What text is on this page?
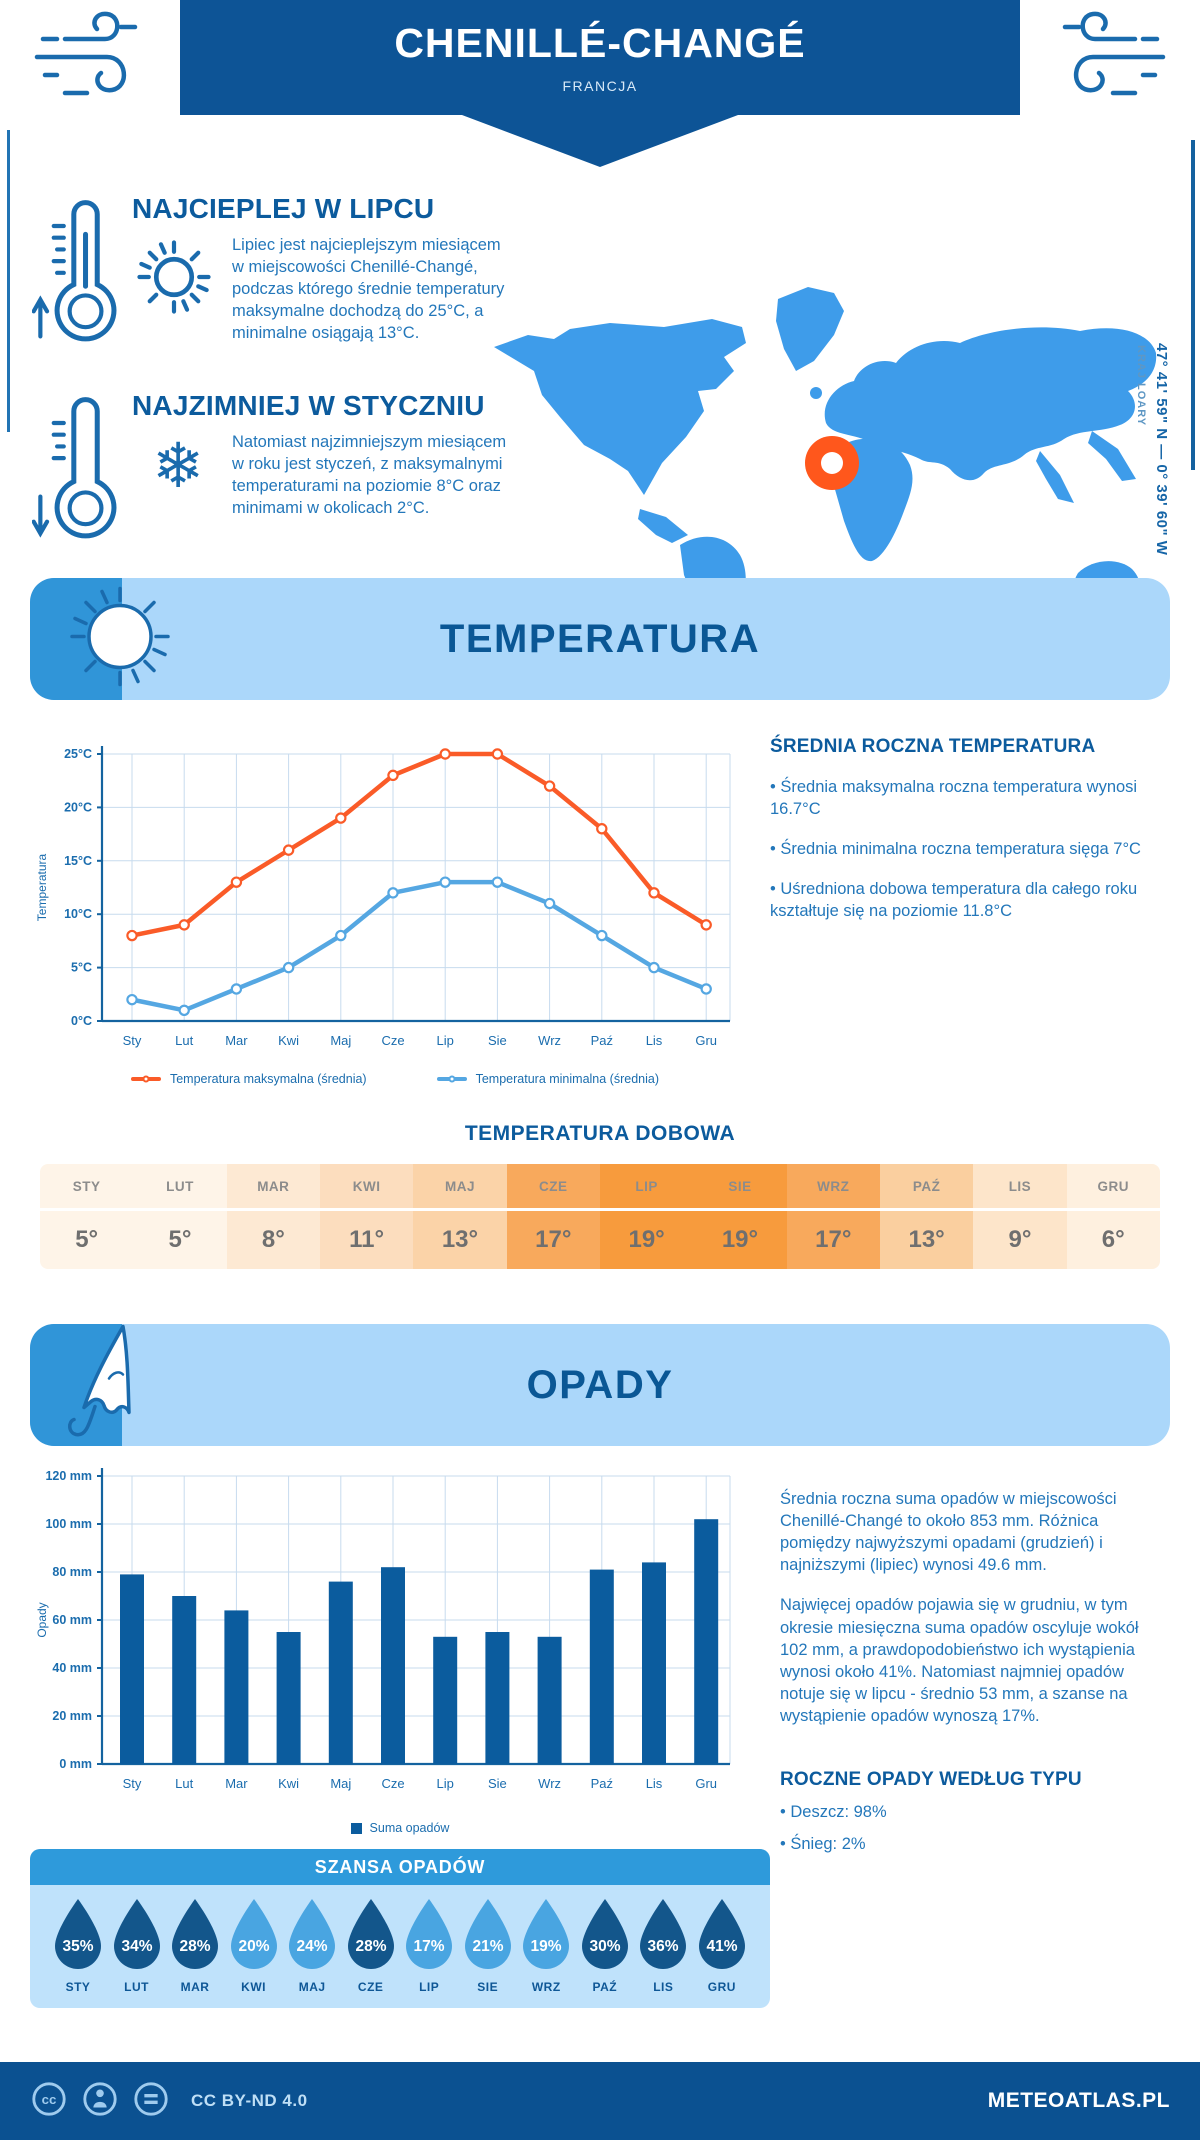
CHENILLÉ-CHANGÉ
FRANCJA
47° 41' 59" N — 0° 39' 60" W
KRAJ LOARY
NAJCIEPLEJ W LIPCU

Lipiec jest najcieplejszym miesiącem w miejscowości Chenillé-Changé, podczas którego średnie temperatury maksymalne dochodzą do 25°C, a minimalne osiągają 13°C.

NAJZIMNIEJ W STYCZNIU
❄	Natomiast najzimniejszym miesiącem w roku jest styczeń, z maksymalnymi temperaturami na poziomie 8°C oraz minimami w okolicach 2°C.

TEMPERATURA
0°C
5°C
10°C
15°C
20°C
25°C
Sty	Lut Mar Kwi Maj Cze Lip	Sie Wrz Paź	Lis	Gru
Temperatura
Temperatura maksymalna (średnia)	Temperatura minimalna (średnia)
ŚREDNIA ROCZNA TEMPERATURA

• Średnia maksymalna roczna temperatura wynosi 16.7°C

• Średnia minimalna roczna temperatura sięga 7°C

• Uśredniona dobowa temperatura dla całego roku kształtuje się na poziomie 11.8°C

TEMPERATURA DOBOWA
STY
5°
LUT
5°
MAR
8°
KWI
11°
MAJ
13°
CZE
17°
LIP
19°
SIE
19°
WRZ
17°
PAŹ
13°
LIS
9°
GRU
6°
OPADY
0 mm
20 mm
40 mm
60 mm
80 mm
100 mm
120 mm
Sty	Lut Mar Kwi Maj Cze Lip	Sie Wrz Paź	Lis	Gru
Opady
Suma opadów
SZANSA OPADÓW
35%
STY
34%
LUT
28%
MAR
20%
KWI
24%
MAJ
28%
CZE
17%
LIP
21%
SIE
19%
WRZ
30%
PAŹ
36%
LIS
41%
GRU

Średnia roczna suma opadów w miejscowości Chenillé-Changé to około 853 mm. Różnica pomiędzy najwyższymi opadami (grudzień) i najniższymi (lipiec) wynosi 49.6 mm.

Najwięcej opadów pojawia się w grudniu, w tym okresie miesięczna suma opadów oscyluje wokół 102 mm, a prawdopodobieństwo ich wystąpienia wynosi około 41%. Natomiast najmniej opadów notuje się w lipcu - średnio 53 mm, a szanse na wystąpienie opadów wynoszą 17%.

ROCZNE OPADY WEDŁUG TYPU

• Deszcz: 98%

• Śnieg: 2%

cc	CC BY-ND 4.0	METEOATLAS.PL
